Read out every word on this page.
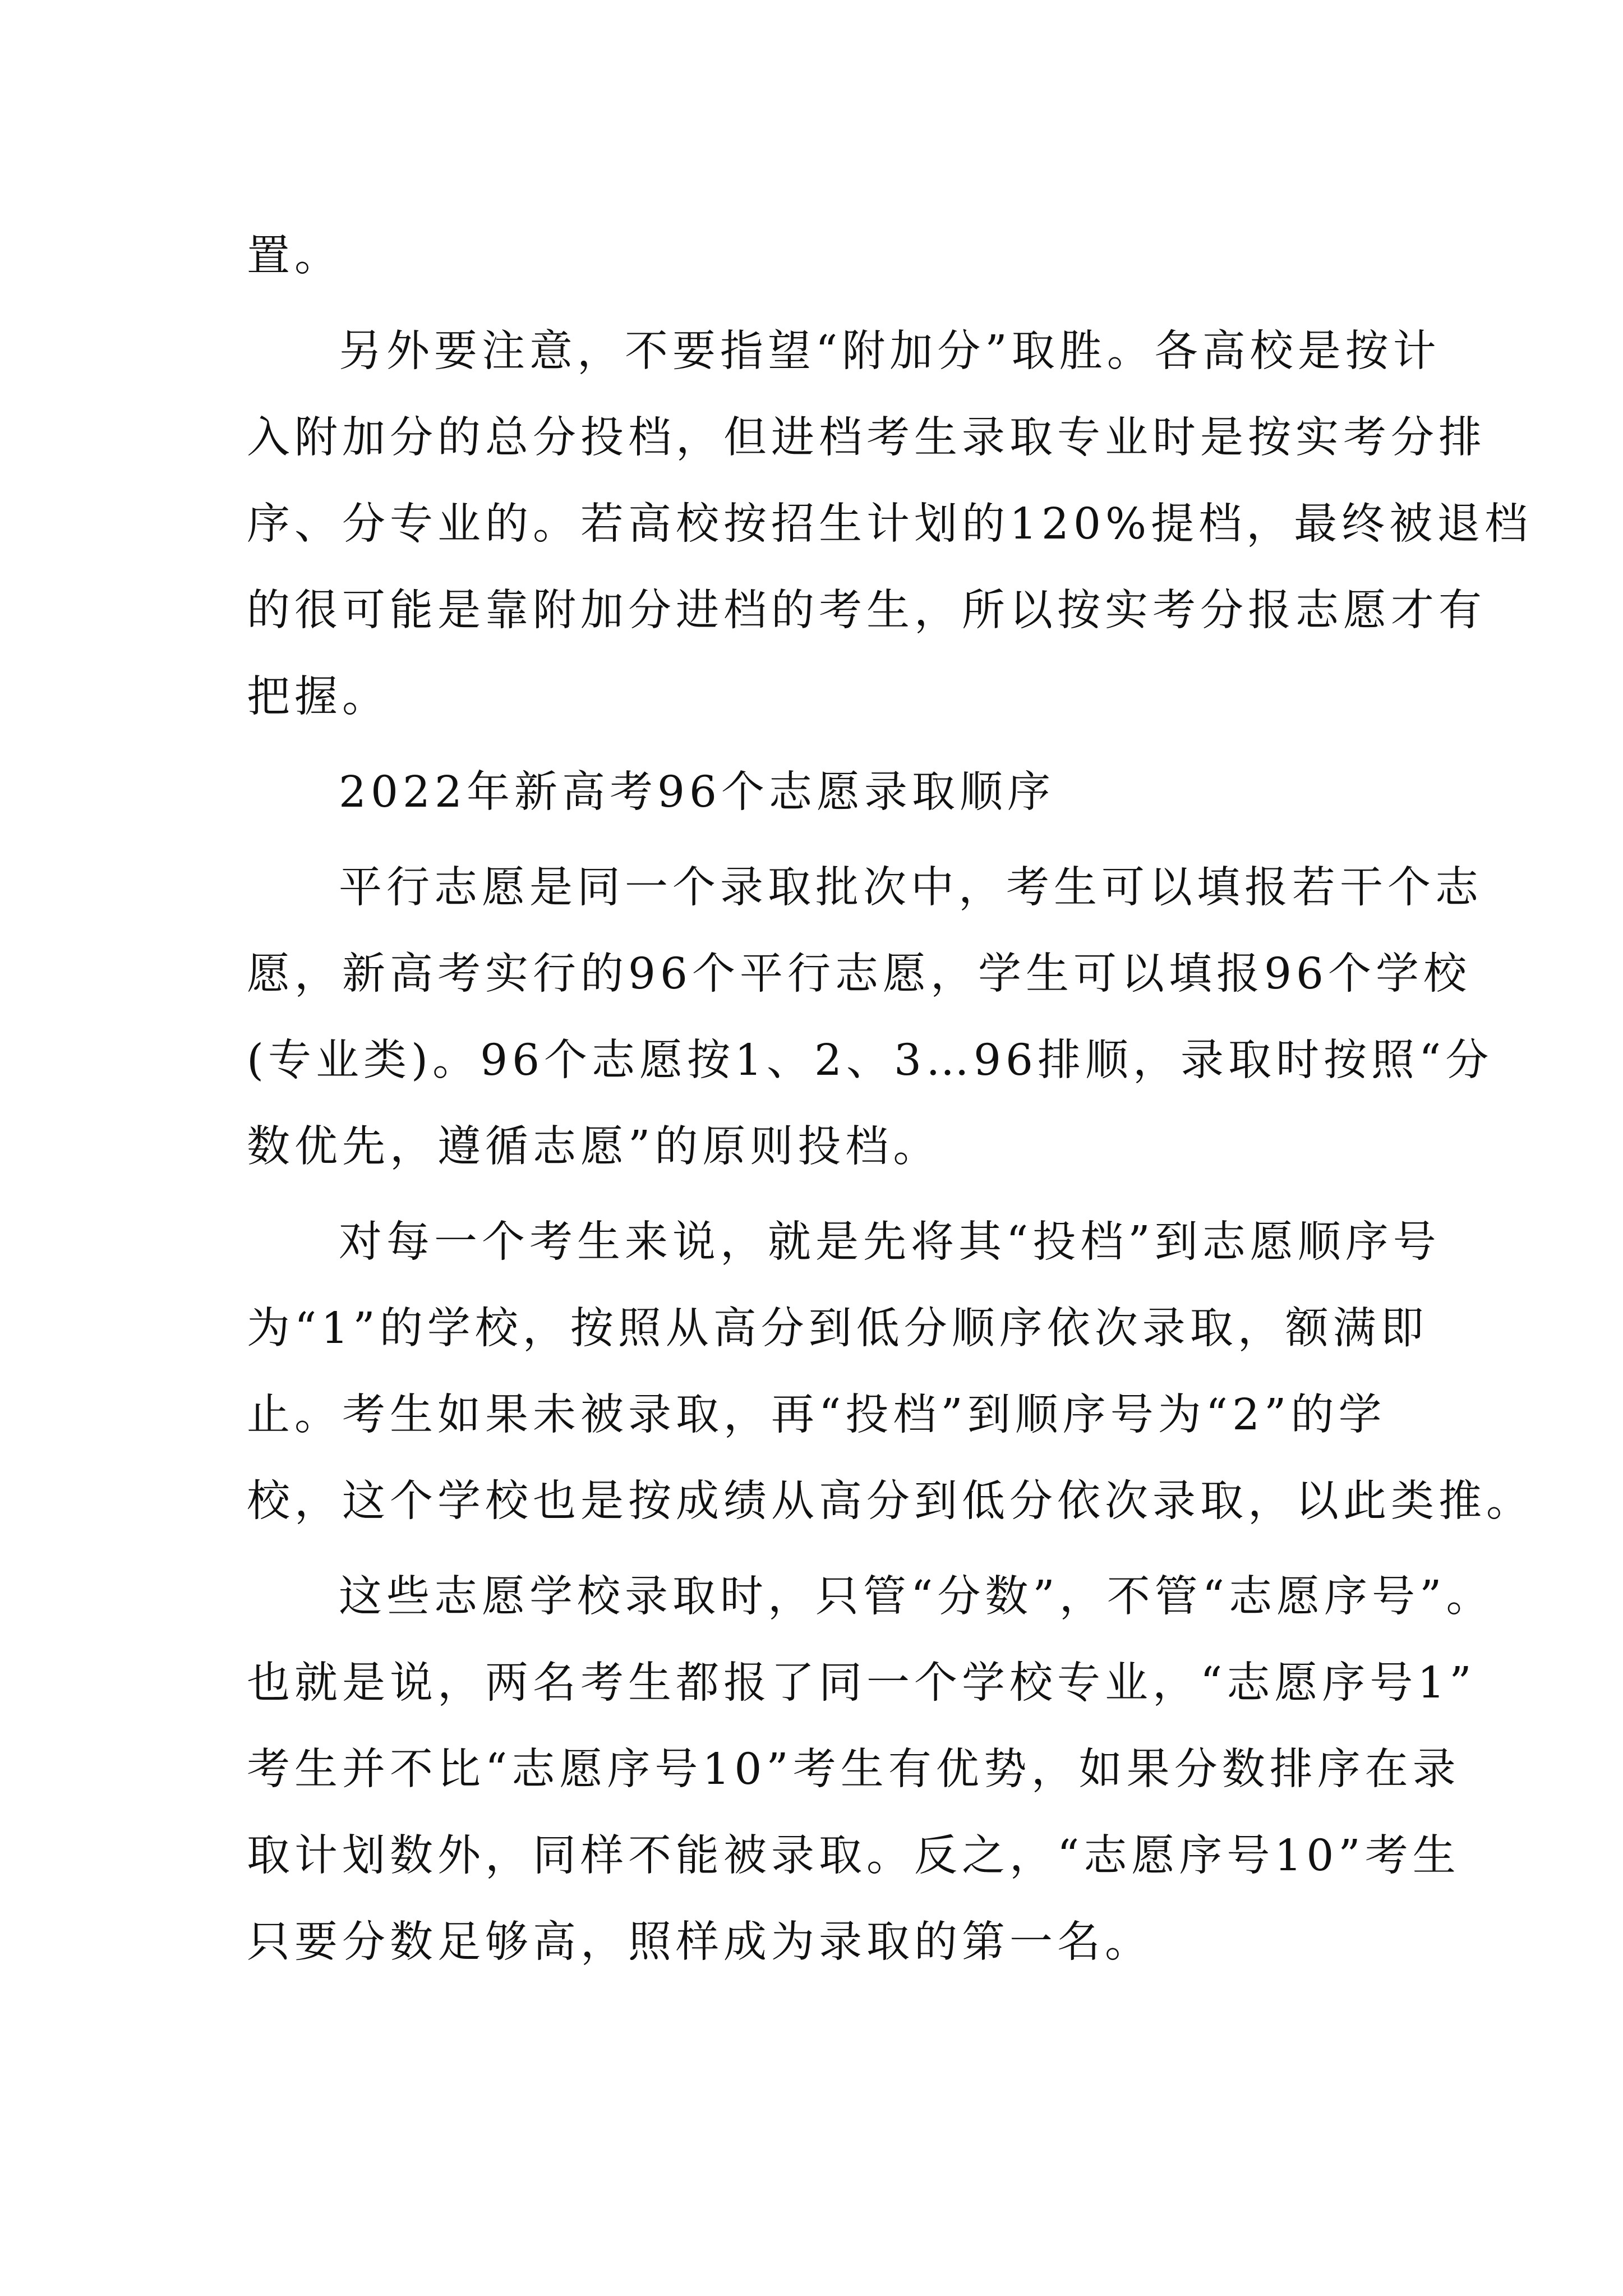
置。
另外要注意，不要指望“附加分”取胜。各高校是按计
入附加分的总分投档，但进档考生录取专业时是按实考分排
序、分专业的。若高校按招生计划的120%提档，最终被退档
的很可能是靠附加分进档的考生，所以按实考分报志愿才有
把握。
2022年新高考96个志愿录取顺序
平行志愿是同一个录取批次中，考生可以填报若干个志
愿，新高考实行的96个平行志愿，学生可以填报96个学校
(专业类)。96个志愿按1、2、3…96排顺，录取时按照“分
数优先，遵循志愿”的原则投档。
对每一个考生来说，就是先将其“投档”到志愿顺序号
为“1”的学校，按照从高分到低分顺序依次录取，额满即
止。考生如果未被录取，再“投档”到顺序号为“2”的学
校，这个学校也是按成绩从高分到低分依次录取，以此类推。
这些志愿学校录取时，只管“分数”，不管“志愿序号”。
也就是说，两名考生都报了同一个学校专业，“志愿序号1”
考生并不比“志愿序号10”考生有优势，如果分数排序在录
取计划数外，同样不能被录取。反之，“志愿序号10”考生
只要分数足够高，照样成为录取的第一名。
